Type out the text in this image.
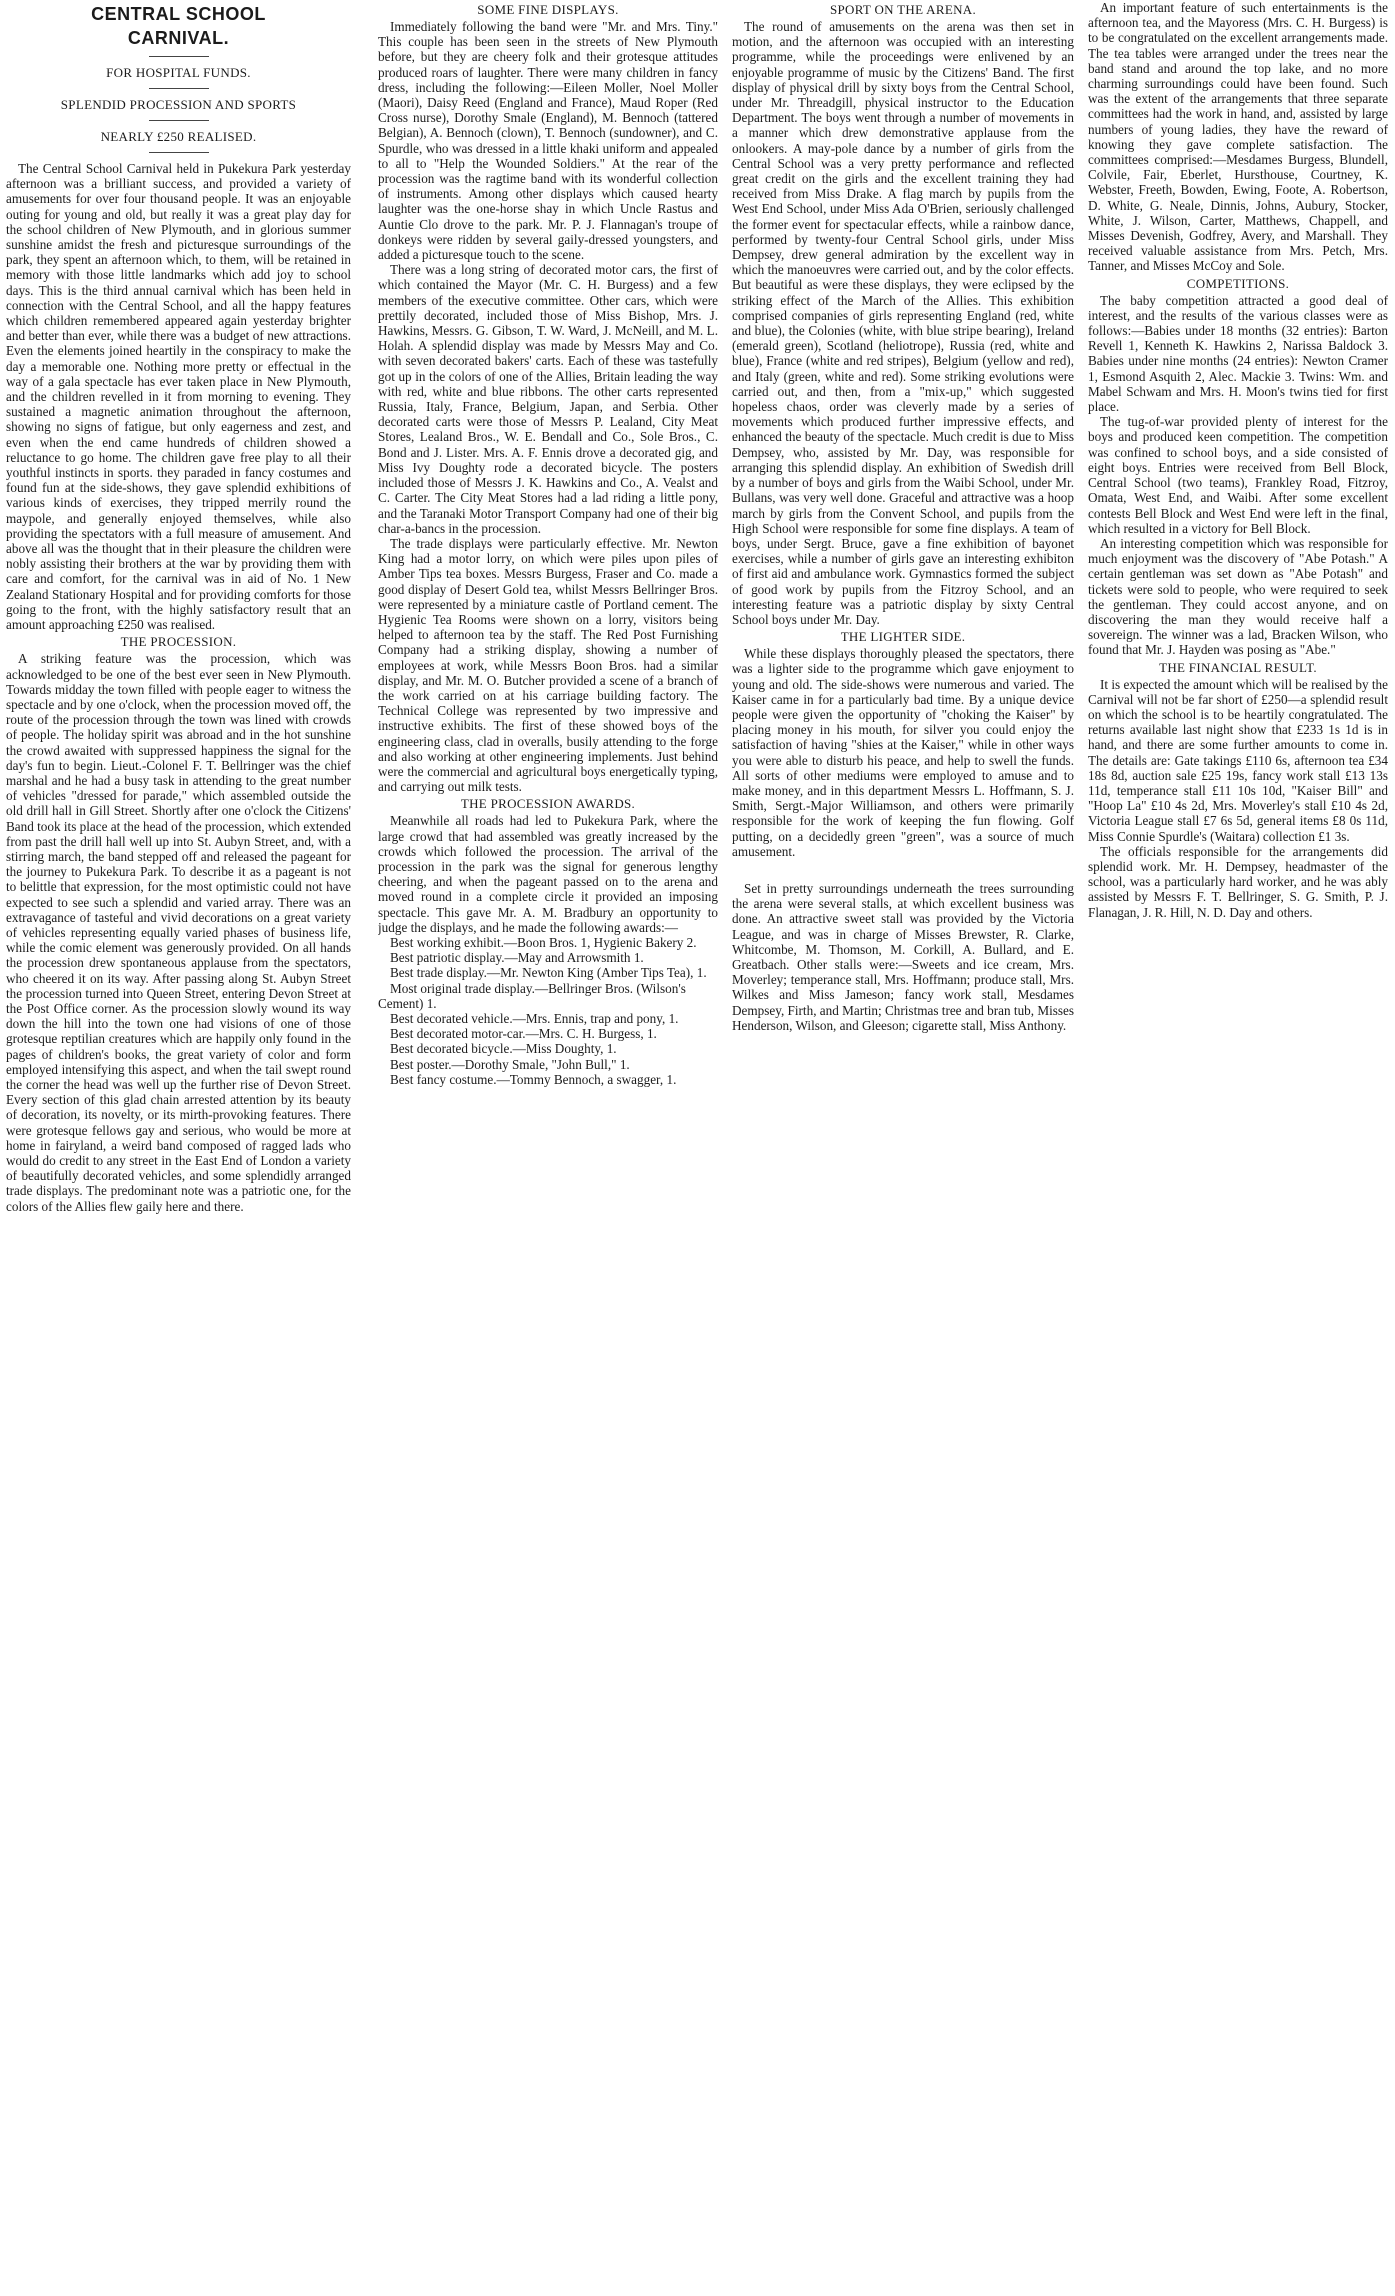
CENTRAL SCHOOL
CARNIVAL.
FOR HOSPITAL FUNDS.
SPLENDID PROCESSION AND SPORTS
NEARLY £250 REALISED.

The Central School Carnival held in Pukekura Park yesterday afternoon was a brilliant success, and provided a variety of amusements for over four thousand people. It was an enjoyable outing for young and old, but really it was a great play day for the school children of New Plymouth, and in glorious summer sunshine amidst the fresh and picturesque surroundings of the park, they spent an afternoon which, to them, will be retained in memory with those little landmarks which add joy to school days. This is the third annual carnival which has been held in connection with the Central School, and all the happy features which children remembered appeared again yesterday brighter and better than ever, while there was a budget of new attractions. Even the elements joined heartily in the conspiracy to make the day a memorable one. Nothing more pretty or effectual in the way of a gala spectacle has ever taken place in New Plymouth, and the children revelled in it from morning to evening. They sustained a magnetic animation throughout the afternoon, showing no signs of fatigue, but only eagerness and zest, and even when the end came hundreds of children showed a reluctance to go home. The children gave free play to all their youthful instincts in sports. they paraded in fancy costumes and found fun at the side-shows, they gave splendid exhibitions of various kinds of exercises, they tripped merrily round the maypole, and generally enjoyed themselves, while also providing the spectators with a full measure of amusement. And above all was the thought that in their pleasure the children were nobly assisting their brothers at the war by providing them with care and comfort, for the carnival was in aid of No. 1 New Zealand Stationary Hospital and for providing comforts for those going to the front, with the highly satisfactory result that an amount approaching £250 was realised.

THE PROCESSION.

A striking feature was the procession, which was acknowledged to be one of the best ever seen in New Plymouth. Towards midday the town filled with people eager to witness the spectacle and by one o'clock, when the procession moved off, the route of the procession through the town was lined with crowds of people. The holiday spirit was abroad and in the hot sunshine the crowd awaited with suppressed happiness the signal for the day's fun to begin. Lieut.-Colonel F. T. Bellringer was the chief marshal and he had a busy task in attending to the great number of vehicles "dressed for parade," which assembled outside the old drill hall in Gill Street. Shortly after one o'clock the Citizens' Band took its place at the head of the procession, which extended from past the drill hall well up into St. Aubyn Street, and, with a stirring march, the band stepped off and released the pageant for the journey to Pukekura Park. To describe it as a pageant is not to belittle that expression, for the most optimistic could not have expected to see such a splendid and varied array. There was an extravagance of tasteful and vivid decorations on a great variety of vehicles representing equally varied phases of business life, while the comic element was generously provided. On all hands the procession drew spontaneous applause from the spectators, who cheered it on its way. After passing along St. Aubyn Street the procession turned into Queen Street, entering Devon Street at the Post Office corner. As the procession slowly wound its way down the hill into the town one had visions of one of those grotesque reptilian creatures which are happily only found in the pages of children's books, the great variety of color and form employed intensifying this aspect, and when the tail swept round the corner the head was well up the further rise of Devon Street. Every section of this glad chain arrested attention by its beauty of decoration, its novelty, or its mirth-provoking features. There were grotesque fellows gay and serious, who would be more at home in fairyland, a weird band composed of ragged lads who would do credit to any street in the East End of London a variety of beautifully decorated vehicles, and some splendidly arranged trade displays. The predominant note was a patriotic one, for the colors of the Allies flew gaily here and there.

SOME FINE DISPLAYS.

Immediately following the band were "Mr. and Mrs. Tiny." This couple has been seen in the streets of New Plymouth before, but they are cheery folk and their grotesque attitudes produced roars of laughter. There were many children in fancy dress, including the following:—Eileen Moller, Noel Moller (Maori), Daisy Reed (England and France), Maud Roper (Red Cross nurse), Dorothy Smale (England), M. Bennoch (tattered Belgian), A. Bennoch (clown), T. Bennoch (sundowner), and C. Spurdle, who was dressed in a little khaki uniform and appealed to all to "Help the Wounded Soldiers." At the rear of the procession was the ragtime band with its wonderful collection of instruments. Among other displays which caused hearty laughter was the one-horse shay in which Uncle Rastus and Auntie Clo drove to the park. Mr. P. J. Flannagan's troupe of donkeys were ridden by several gaily-dressed youngsters, and added a picturesque touch to the scene.

There was a long string of decorated motor cars, the first of which contained the Mayor (Mr. C. H. Burgess) and a few members of the executive committee. Other cars, which were prettily decorated, included those of Miss Bishop, Mrs. J. Hawkins, Messrs. G. Gibson, T. W. Ward, J. McNeill, and M. L. Holah. A splendid display was made by Messrs May and Co. with seven decorated bakers' carts. Each of these was tastefully got up in the colors of one of the Allies, Britain leading the way with red, white and blue ribbons. The other carts represented Russia, Italy, France, Belgium, Japan, and Serbia. Other decorated carts were those of Messrs P. Lealand, City Meat Stores, Lealand Bros., W. E. Bendall and Co., Sole Bros., C. Bond and J. Lister. Mrs. A. F. Ennis drove a decorated gig, and Miss Ivy Doughty rode a decorated bicycle. The posters included those of Messrs J. K. Hawkins and Co., A. Vealst and C. Carter. The City Meat Stores had a lad riding a little pony, and the Taranaki Motor Transport Company had one of their big char-a-bancs in the procession.

The trade displays were particularly effective. Mr. Newton King had a motor lorry, on which were piles upon piles of Amber Tips tea boxes. Messrs Burgess, Fraser and Co. made a good display of Desert Gold tea, whilst Messrs Bellringer Bros. were represented by a miniature castle of Portland cement. The Hygienic Tea Rooms were shown on a lorry, visitors being helped to afternoon tea by the staff. The Red Post Furnishing Company had a striking display, showing a number of employees at work, while Messrs Boon Bros. had a similar display, and Mr. M. O. Butcher provided a scene of a branch of the work carried on at his carriage building factory. The Technical College was represented by two impressive and instructive exhibits. The first of these showed boys of the engineering class, clad in overalls, busily attending to the forge and also working at other engineering implements. Just behind were the commercial and agricultural boys energetically typing, and carrying out milk tests.

THE PROCESSION AWARDS.

Meanwhile all roads had led to Pukekura Park, where the large crowd that had assembled was greatly increased by the crowds which followed the procession. The arrival of the procession in the park was the signal for generous lengthy cheering, and when the pageant passed on to the arena and moved round in a complete circle it provided an imposing spectacle. This gave Mr. A. M. Bradbury an opportunity to judge the displays, and he made the following awards:—

Best working exhibit.—Boon Bros. 1, Hygienic Bakery 2.

Best patriotic display.—May and Arrowsmith 1.

Best trade display.—Mr. Newton King (Amber Tips Tea), 1.

Most original trade display.—Bellringer Bros. (Wilson's Cement) 1.

Best decorated vehicle.—Mrs. Ennis, trap and pony, 1.

Best decorated motor-car.—Mrs. C. H. Burgess, 1.

Best decorated bicycle.—Miss Doughty, 1.

Best poster.—Dorothy Smale, "John Bull," 1.

Best fancy costume.—Tommy Bennoch, a swagger, 1.

SPORT ON THE ARENA.

The round of amusements on the arena was then set in motion, and the afternoon was occupied with an interesting programme, while the proceedings were enlivened by an enjoyable programme of music by the Citizens' Band. The first display of physical drill by sixty boys from the Central School, under Mr. Threadgill, physical instructor to the Education Department. The boys went through a number of movements in a manner which drew demonstrative applause from the onlookers. A may-pole dance by a number of girls from the Central School was a very pretty performance and reflected great credit on the girls and the excellent training they had received from Miss Drake. A flag march by pupils from the West End School, under Miss Ada O'Brien, seriously challenged the former event for spectacular effects, while a rainbow dance, performed by twenty-four Central School girls, under Miss Dempsey, drew general admiration by the excellent way in which the manoeuvres were carried out, and by the color effects. But beautiful as were these displays, they were eclipsed by the striking effect of the March of the Allies. This exhibition comprised companies of girls representing England (red, white and blue), the Colonies (white, with blue stripe bearing), Ireland (emerald green), Scotland (heliotrope), Russia (red, white and blue), France (white and red stripes), Belgium (yellow and red), and Italy (green, white and red). Some striking evolutions were carried out, and then, from a "mix-up," which suggested hopeless chaos, order was cleverly made by a series of movements which produced further impressive effects, and enhanced the beauty of the spectacle. Much credit is due to Miss Dempsey, who, assisted by Mr. Day, was responsible for arranging this splendid display. An exhibition of Swedish drill by a number of boys and girls from the Waibi School, under Mr. Bullans, was very well done. Graceful and attractive was a hoop march by girls from the Convent School, and pupils from the High School were responsible for some fine displays. A team of boys, under Sergt. Bruce, gave a fine exhibition of bayonet exercises, while a number of girls gave an interesting exhibiton of first aid and ambulance work. Gymnastics formed the subject of good work by pupils from the Fitzroy School, and an interesting feature was a patriotic display by sixty Central School boys under Mr. Day.

THE LIGHTER SIDE.

While these displays thoroughly pleased the spectators, there was a lighter side to the programme which gave enjoyment to young and old. The side-shows were numerous and varied. The Kaiser came in for a particularly bad time. By a unique device people were given the opportunity of "choking the Kaiser" by placing money in his mouth, for silver you could enjoy the satisfaction of having "shies at the Kaiser," while in other ways you were able to disturb his peace, and help to swell the funds. All sorts of other mediums were employed to amuse and to make money, and in this department Messrs L. Hoffmann, S. J. Smith, Sergt.-Major Williamson, and others were primarily responsible for the work of keeping the fun flowing. Golf putting, on a decidedly green "green", was a source of much amusement.

Set in pretty surroundings underneath the trees surrounding the arena were several stalls, at which excellent business was done. An attractive sweet stall was provided by the Victoria League, and was in charge of Misses Brewster, R. Clarke, Whitcombe, M. Thomson, M. Corkill, A. Bullard, and E. Greatbach. Other stalls were:—Sweets and ice cream, Mrs. Moverley; temperance stall, Mrs. Hoffmann; produce stall, Mrs. Wilkes and Miss Jameson; fancy work stall, Mesdames Dempsey, Firth, and Martin; Christmas tree and bran tub, Misses Henderson, Wilson, and Gleeson; cigarette stall, Miss Anthony.

An important feature of such entertainments is the afternoon tea, and the Mayoress (Mrs. C. H. Burgess) is to be congratulated on the excellent arrangements made. The tea tables were arranged under the trees near the band stand and around the top lake, and no more charming surroundings could have been found. Such was the extent of the arrangements that three separate committees had the work in hand, and, assisted by large numbers of young ladies, they have the reward of knowing they gave complete satisfaction. The committees comprised:—Mesdames Burgess, Blundell, Colvile, Fair, Eberlet, Hursthouse, Courtney, K. Webster, Freeth, Bowden, Ewing, Foote, A. Robertson, D. White, G. Neale, Dinnis, Johns, Aubury, Stocker, White, J. Wilson, Carter, Matthews, Chappell, and Misses Devenish, Godfrey, Avery, and Marshall. They received valuable assistance from Mrs. Petch, Mrs. Tanner, and Misses McCoy and Sole.

COMPETITIONS.

The baby competition attracted a good deal of interest, and the results of the various classes were as follows:—Babies under 18 months (32 entries): Barton Revell 1, Kenneth K. Hawkins 2, Narissa Baldock 3. Babies under nine months (24 entries): Newton Cramer 1, Esmond Asquith 2, Alec. Mackie 3. Twins: Wm. and Mabel Schwam and Mrs. H. Moon's twins tied for first place.

The tug-of-war provided plenty of interest for the boys and produced keen competition. The competition was confined to school boys, and a side consisted of eight boys. Entries were received from Bell Block, Central School (two teams), Frankley Road, Fitzroy, Omata, West End, and Waibi. After some excellent contests Bell Block and West End were left in the final, which resulted in a victory for Bell Block.

An interesting competition which was responsible for much enjoyment was the discovery of "Abe Potash." A certain gentleman was set down as "Abe Potash" and tickets were sold to people, who were required to seek the gentleman. They could accost anyone, and on discovering the man they would receive half a sovereign. The winner was a lad, Bracken Wilson, who found that Mr. J. Hayden was posing as "Abe."

THE FINANCIAL RESULT.

It is expected the amount which will be realised by the Carnival will not be far short of £250—a splendid result on which the school is to be heartily congratulated. The returns available last night show that £233 1s 1d is in hand, and there are some further amounts to come in. The details are: Gate takings £110 6s, afternoon tea £34 18s 8d, auction sale £25 19s, fancy work stall £13 13s 11d, temperance stall £11 10s 10d, "Kaiser Bill" and "Hoop La" £10 4s 2d, Mrs. Moverley's stall £10 4s 2d, Victoria League stall £7 6s 5d, general items £8 0s 11d, Miss Connie Spurdle's (Waitara) collection £1 3s.

The officials responsible for the arrangements did splendid work. Mr. H. Dempsey, headmaster of the school, was a particularly hard worker, and he was ably assisted by Messrs F. T. Bellringer, S. G. Smith, P. J. Flanagan, J. R. Hill, N. D. Day and others.
